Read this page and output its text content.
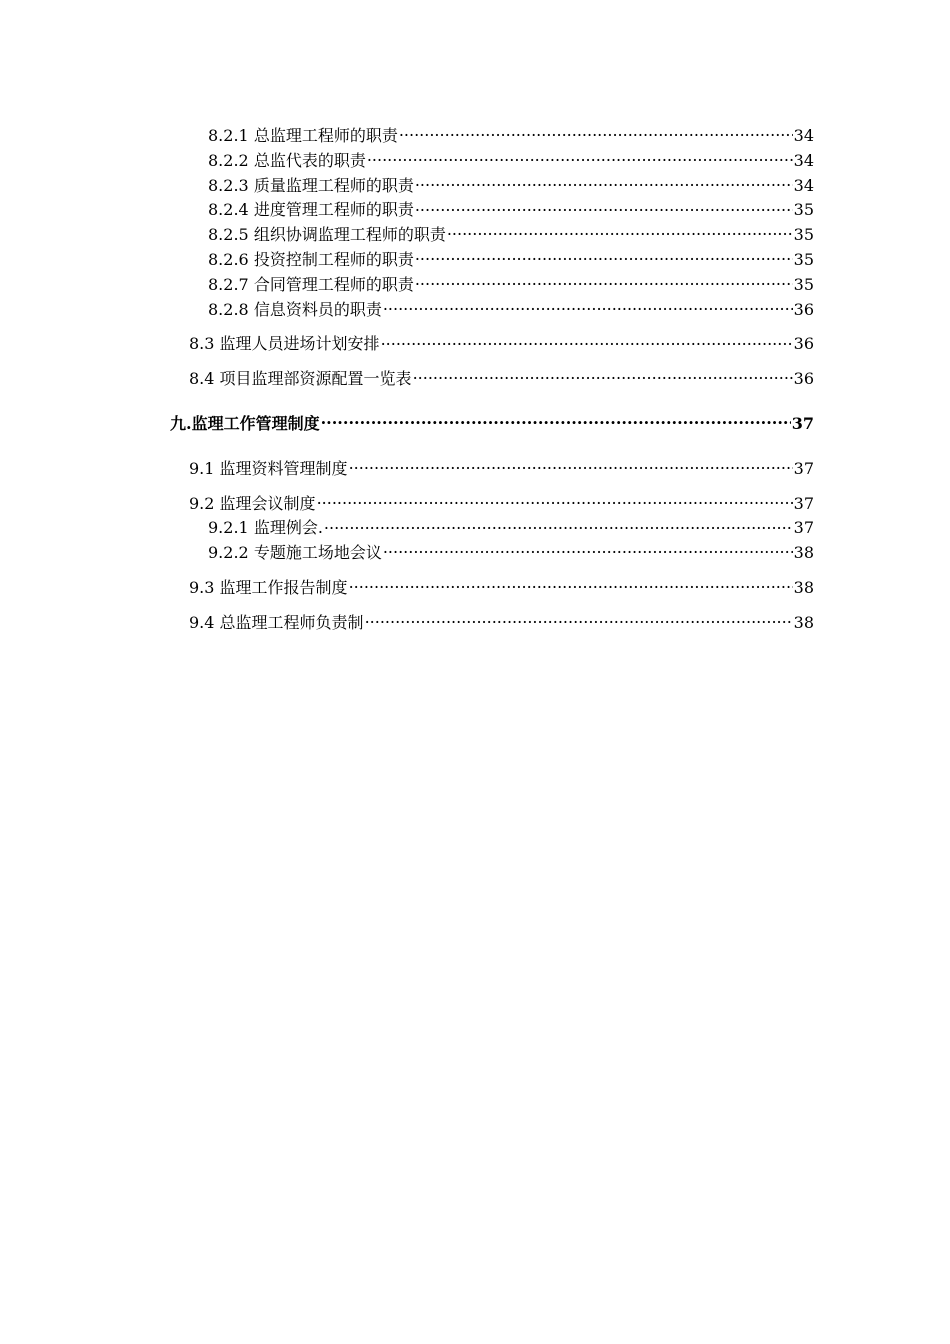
8.2.1 总监理工程师的职责 .....	34
8.2.2 总监代表的职责 .....	34
8.2.3 质量监理工程师的职责 .....	34
8.2.4 进度管理工程师的职责 .....	35
8.2.5 组织协调监理工程师的职责 .....	35
8.2.6 投资控制工程师的职责 .....	35
8.2.7 合同管理工程师的职责 .....	35
8.2.8 信息资料员的职责 .....	36
8.3 监理人员进场计划安排 .....	36
8.4 项目监理部资源配置一览表 .....	36
九.监理工作管理制度 .....	37
9.1 监理资料管理制度 .....	37
9.2 监理会议制度 .....	37
9.2.1 监理例会. .....	37
9.2.2 专题施工场地会议 .....	38
9.3 监理工作报告制度 .....	38
9.4 总监理工程师负责制 .....	38
